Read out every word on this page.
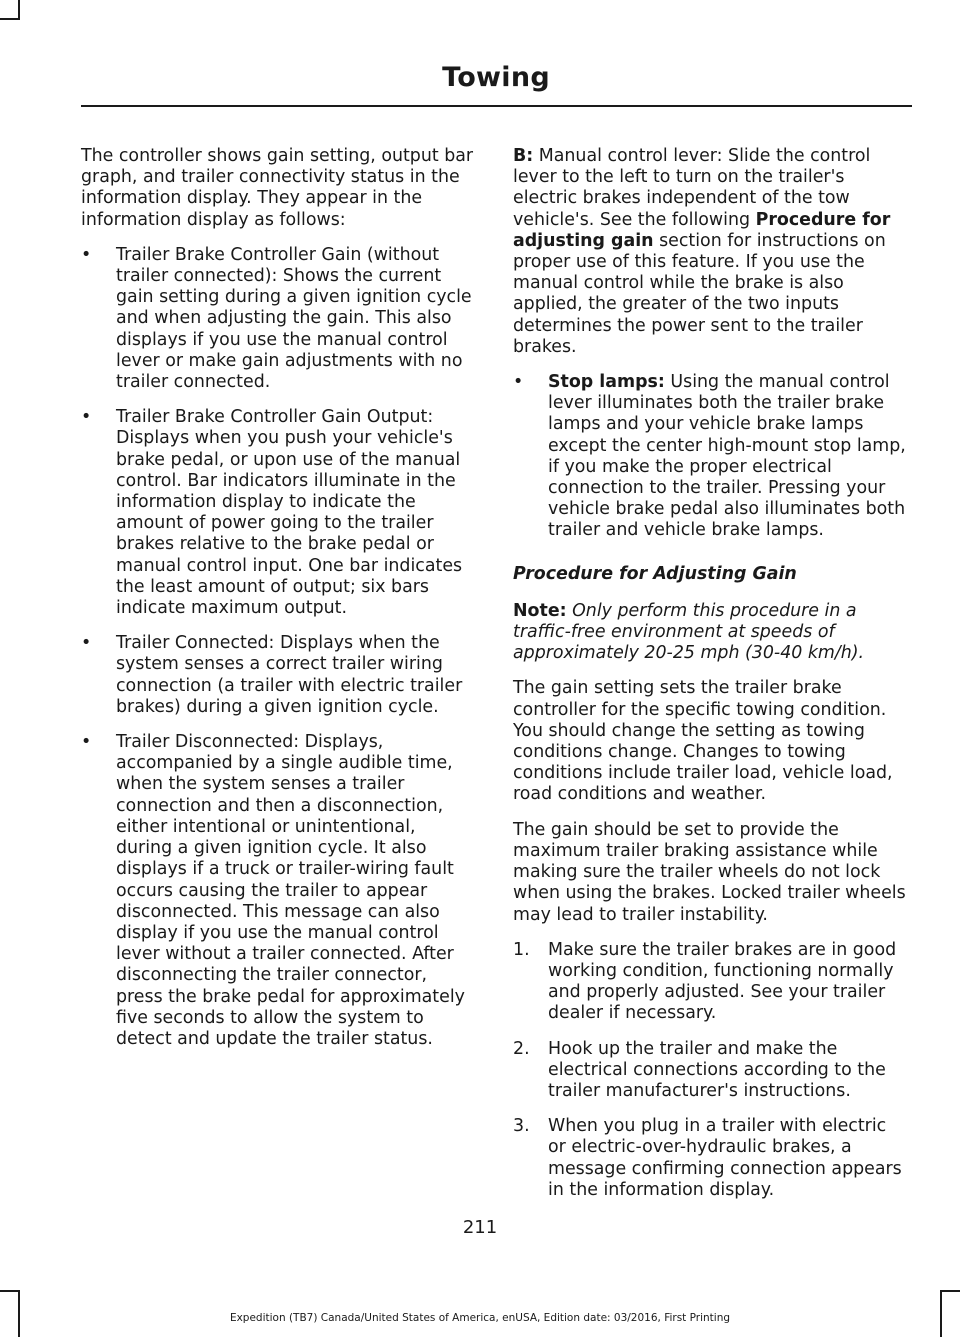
Towing

The controller shows gain setting, output bar graph, and trailer connectivity status in the information display. They appear in the information display as follows:

• Trailer Brake Controller Gain (without trailer connected): Shows the current gain setting during a given ignition cycle and when adjusting the gain. This also displays if you use the manual control lever or make gain adjustments with no trailer connected.
• Trailer Brake Controller Gain Output: Displays when you push your vehicle's brake pedal, or upon use of the manual control. Bar indicators illuminate in the information display to indicate the amount of power going to the trailer brakes relative to the brake pedal or manual control input. One bar indicates the least amount of output; six bars indicate maximum output.
• Trailer Connected: Displays when the system senses a correct trailer wiring connection (a trailer with electric trailer brakes) during a given ignition cycle.
• Trailer Disconnected: Displays, accompanied by a single audible time, when the system senses a trailer connection and then a disconnection, either intentional or unintentional, during a given ignition cycle. It also displays if a truck or trailer-wiring fault occurs causing the trailer to appear disconnected. This message can also display if you use the manual control lever without a trailer connected. After disconnecting the trailer connector, press the brake pedal for approximately five seconds to allow the system to detect and update the trailer status.

B: Manual control lever: Slide the control lever to the left to turn on the trailer's electric brakes independent of the tow vehicle's. See the following Procedure for adjusting gain section for instructions on proper use of this feature. If you use the manual control while the brake is also applied, the greater of the two inputs determines the power sent to the trailer brakes.

• Stop lamps: Using the manual control lever illuminates both the trailer brake lamps and your vehicle brake lamps except the center high-mount stop lamp, if you make the proper electrical connection to the trailer. Pressing your vehicle brake pedal also illuminates both trailer and vehicle brake lamps.
Procedure for Adjusting Gain

Note: Only perform this procedure in a traffic-free environment at speeds of approximately 20-25 mph (30-40 km/h).

The gain setting sets the trailer brake controller for the specific towing condition. You should change the setting as towing conditions change. Changes to towing conditions include trailer load, vehicle load, road conditions and weather.

The gain should be set to provide the maximum trailer braking assistance while making sure the trailer wheels do not lock when using the brakes. Locked trailer wheels may lead to trailer instability.

1. Make sure the trailer brakes are in good working condition, functioning normally and properly adjusted. See your trailer dealer if necessary.
2. Hook up the trailer and make the electrical connections according to the trailer manufacturer's instructions.
3. When you plug in a trailer with electric or electric-over-hydraulic brakes, a message confirming connection appears in the information display.
211
Expedition (TB7) Canada/United States of America, enUSA, Edition date: 03/2016, First Printing
